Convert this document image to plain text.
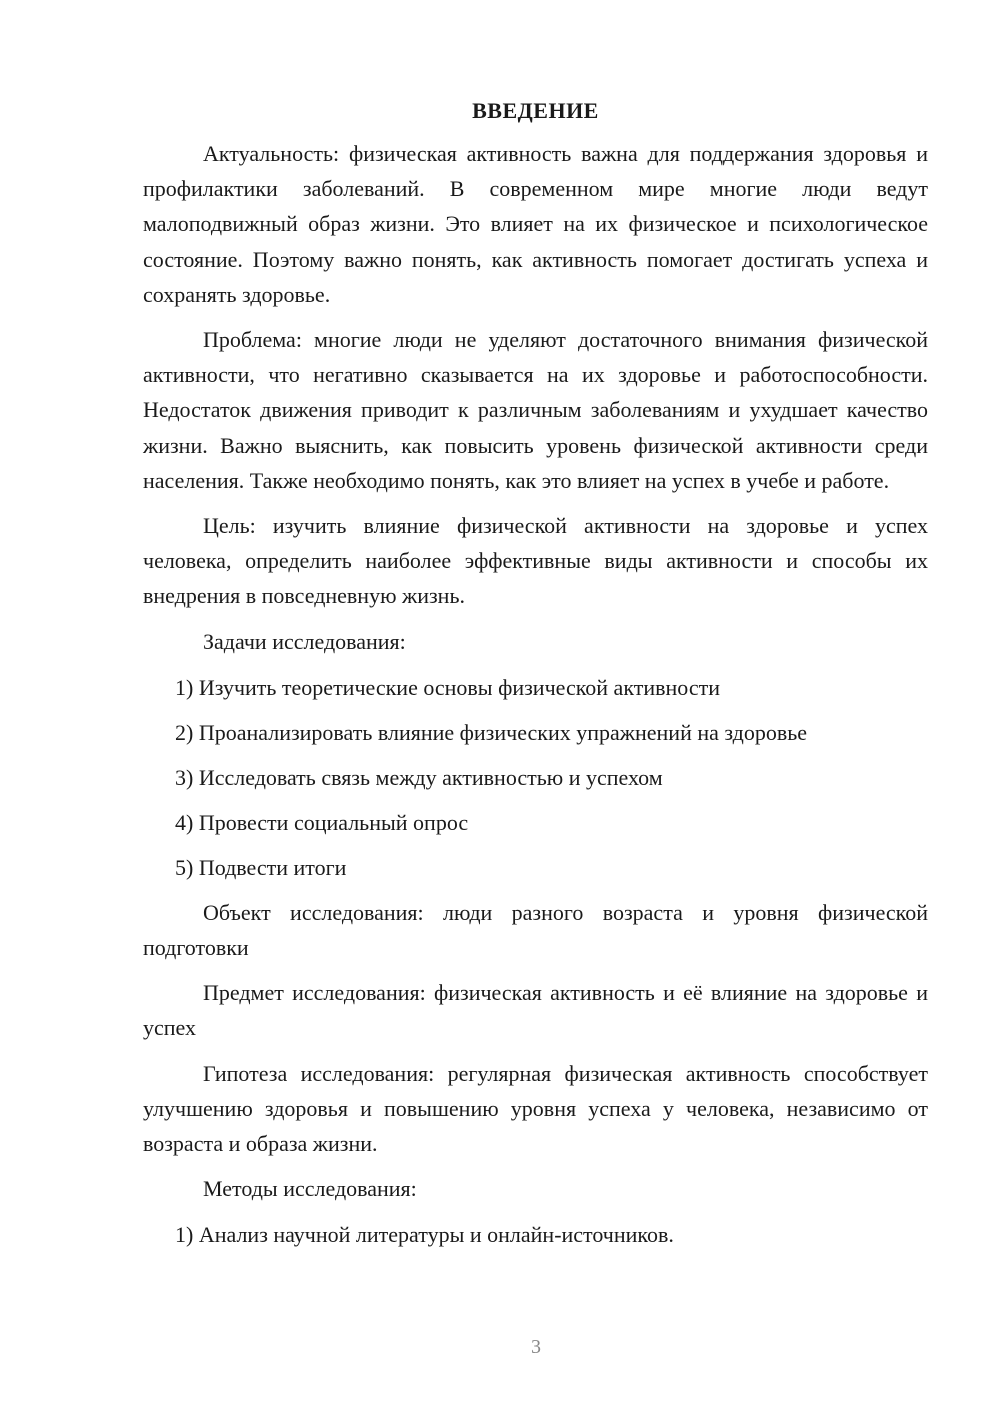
ВВЕДЕНИЕ

Актуальность: физическая активность важна для поддержания здоровья и профилактики заболеваний. В современном мире многие люди ведут малоподвижный образ жизни. Это влияет на их физическое и психологическое состояние. Поэтому важно понять, как активность помогает достигать успеха и сохранять здоровье.

Проблема: многие люди не уделяют достаточного внимания физической активности, что негативно сказывается на их здоровье и работоспособности. Недостаток движения приводит к различным заболеваниям и ухудшает качество жизни. Важно выяснить, как повысить уровень физической активности среди населения. Также необходимо понять, как это влияет на успех в учебе и работе.

Цель: изучить влияние физической активности на здоровье и успех человека, определить наиболее эффективные виды активности и способы их внедрения в повседневную жизнь.

Задачи исследования:

1) Изучить теоретические основы физической активности
2) Проанализировать влияние физических упражнений на здоровье
3) Исследовать связь между активностью и успехом
4) Провести социальный опрос
5) Подвести итоги

Объект исследования: люди разного возраста и уровня физической подготовки

Предмет исследования: физическая активность и её влияние на здоровье и успех

Гипотеза исследования: регулярная физическая активность способствует улучшению здоровья и повышению уровня успеха у человека, независимо от возраста и образа жизни.

Методы исследования:

1) Анализ научной литературы и онлайн-источников.
3
